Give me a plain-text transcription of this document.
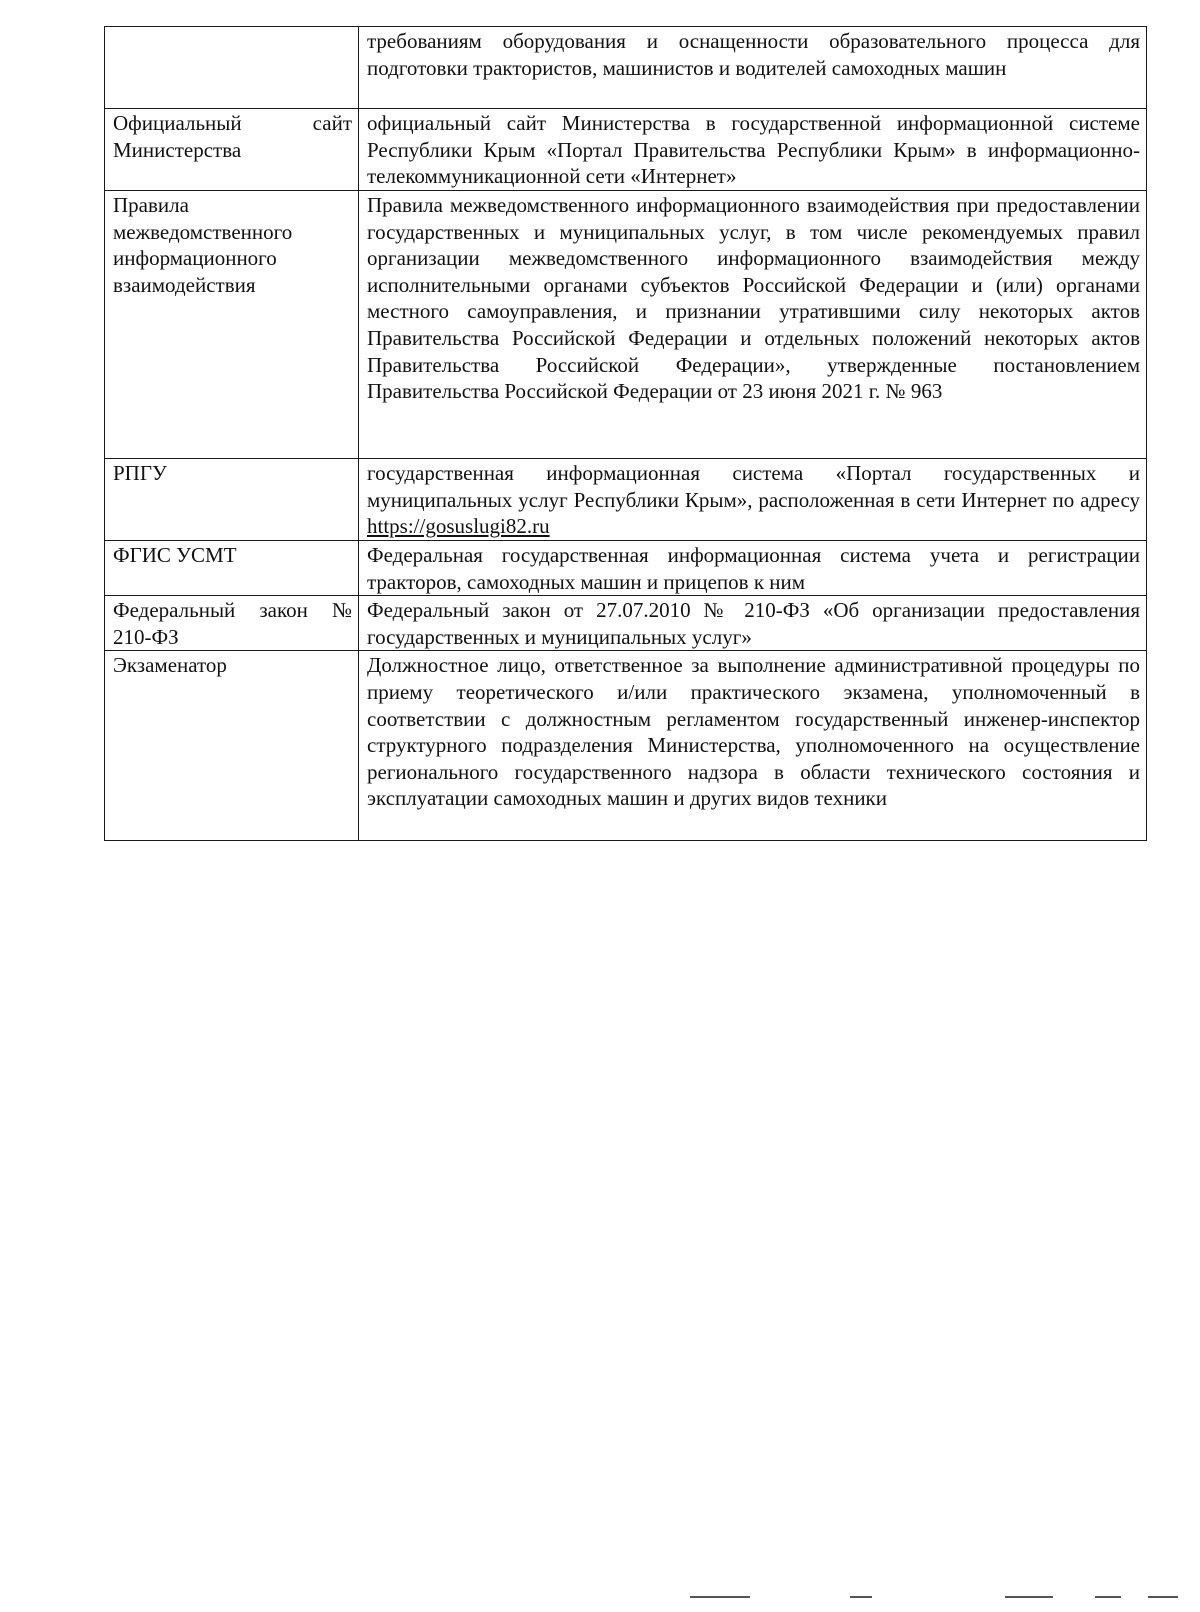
	требованиям оборудования и оснащенности образовательного процесса для подготовки трактористов, машинистов и водителей самоходных машин
Официальный сайт Министерства	официальный сайт Министерства в государственной информационной системе Республики Крым «Портал Правительства Республики Крым» в информационно-телекоммуникационной сети «Интернет»
Правила межведомственного информационного взаимодействия	Правила межведомственного информационного взаимодействия при предоставлении государственных и муниципальных услуг, в том числе рекомендуемых правил организации межведомственного информационного взаимодействия между исполнительными органами субъектов Российской Федерации и (или) органами местного самоуправления, и признании утратившими силу некоторых актов Правительства Российской Федерации и отдельных положений некоторых актов Правительства Российской Федерации», утвержденные постановлением Правительства Российской Федерации от 23 июня 2021 г. № 963
РПГУ	государственная информационная система «Портал государственных и муниципальных услуг Республики Крым», расположенная в сети Интернет по адресу https://gosuslugi82.ru
ФГИС УСМТ	Федеральная государственная информационная система учета и регистрации тракторов, самоходных машин и прицепов к ним
Федеральный закон № 210-ФЗ	Федеральный закон от 27.07.2010 № 210-ФЗ «Об организации предоставления государственных и муниципальных услуг»
Экзаменатор	Должностное лицо, ответственное за выполнение административной процедуры по приему теоретического и/или практического экзамена, уполномоченный в соответствии с должностным регламентом государственный инженер-инспектор структурного подразделения Министерства, уполномоченного на осуществление регионального государственного надзора в области технического состояния и эксплуатации самоходных машин и других видов техники
